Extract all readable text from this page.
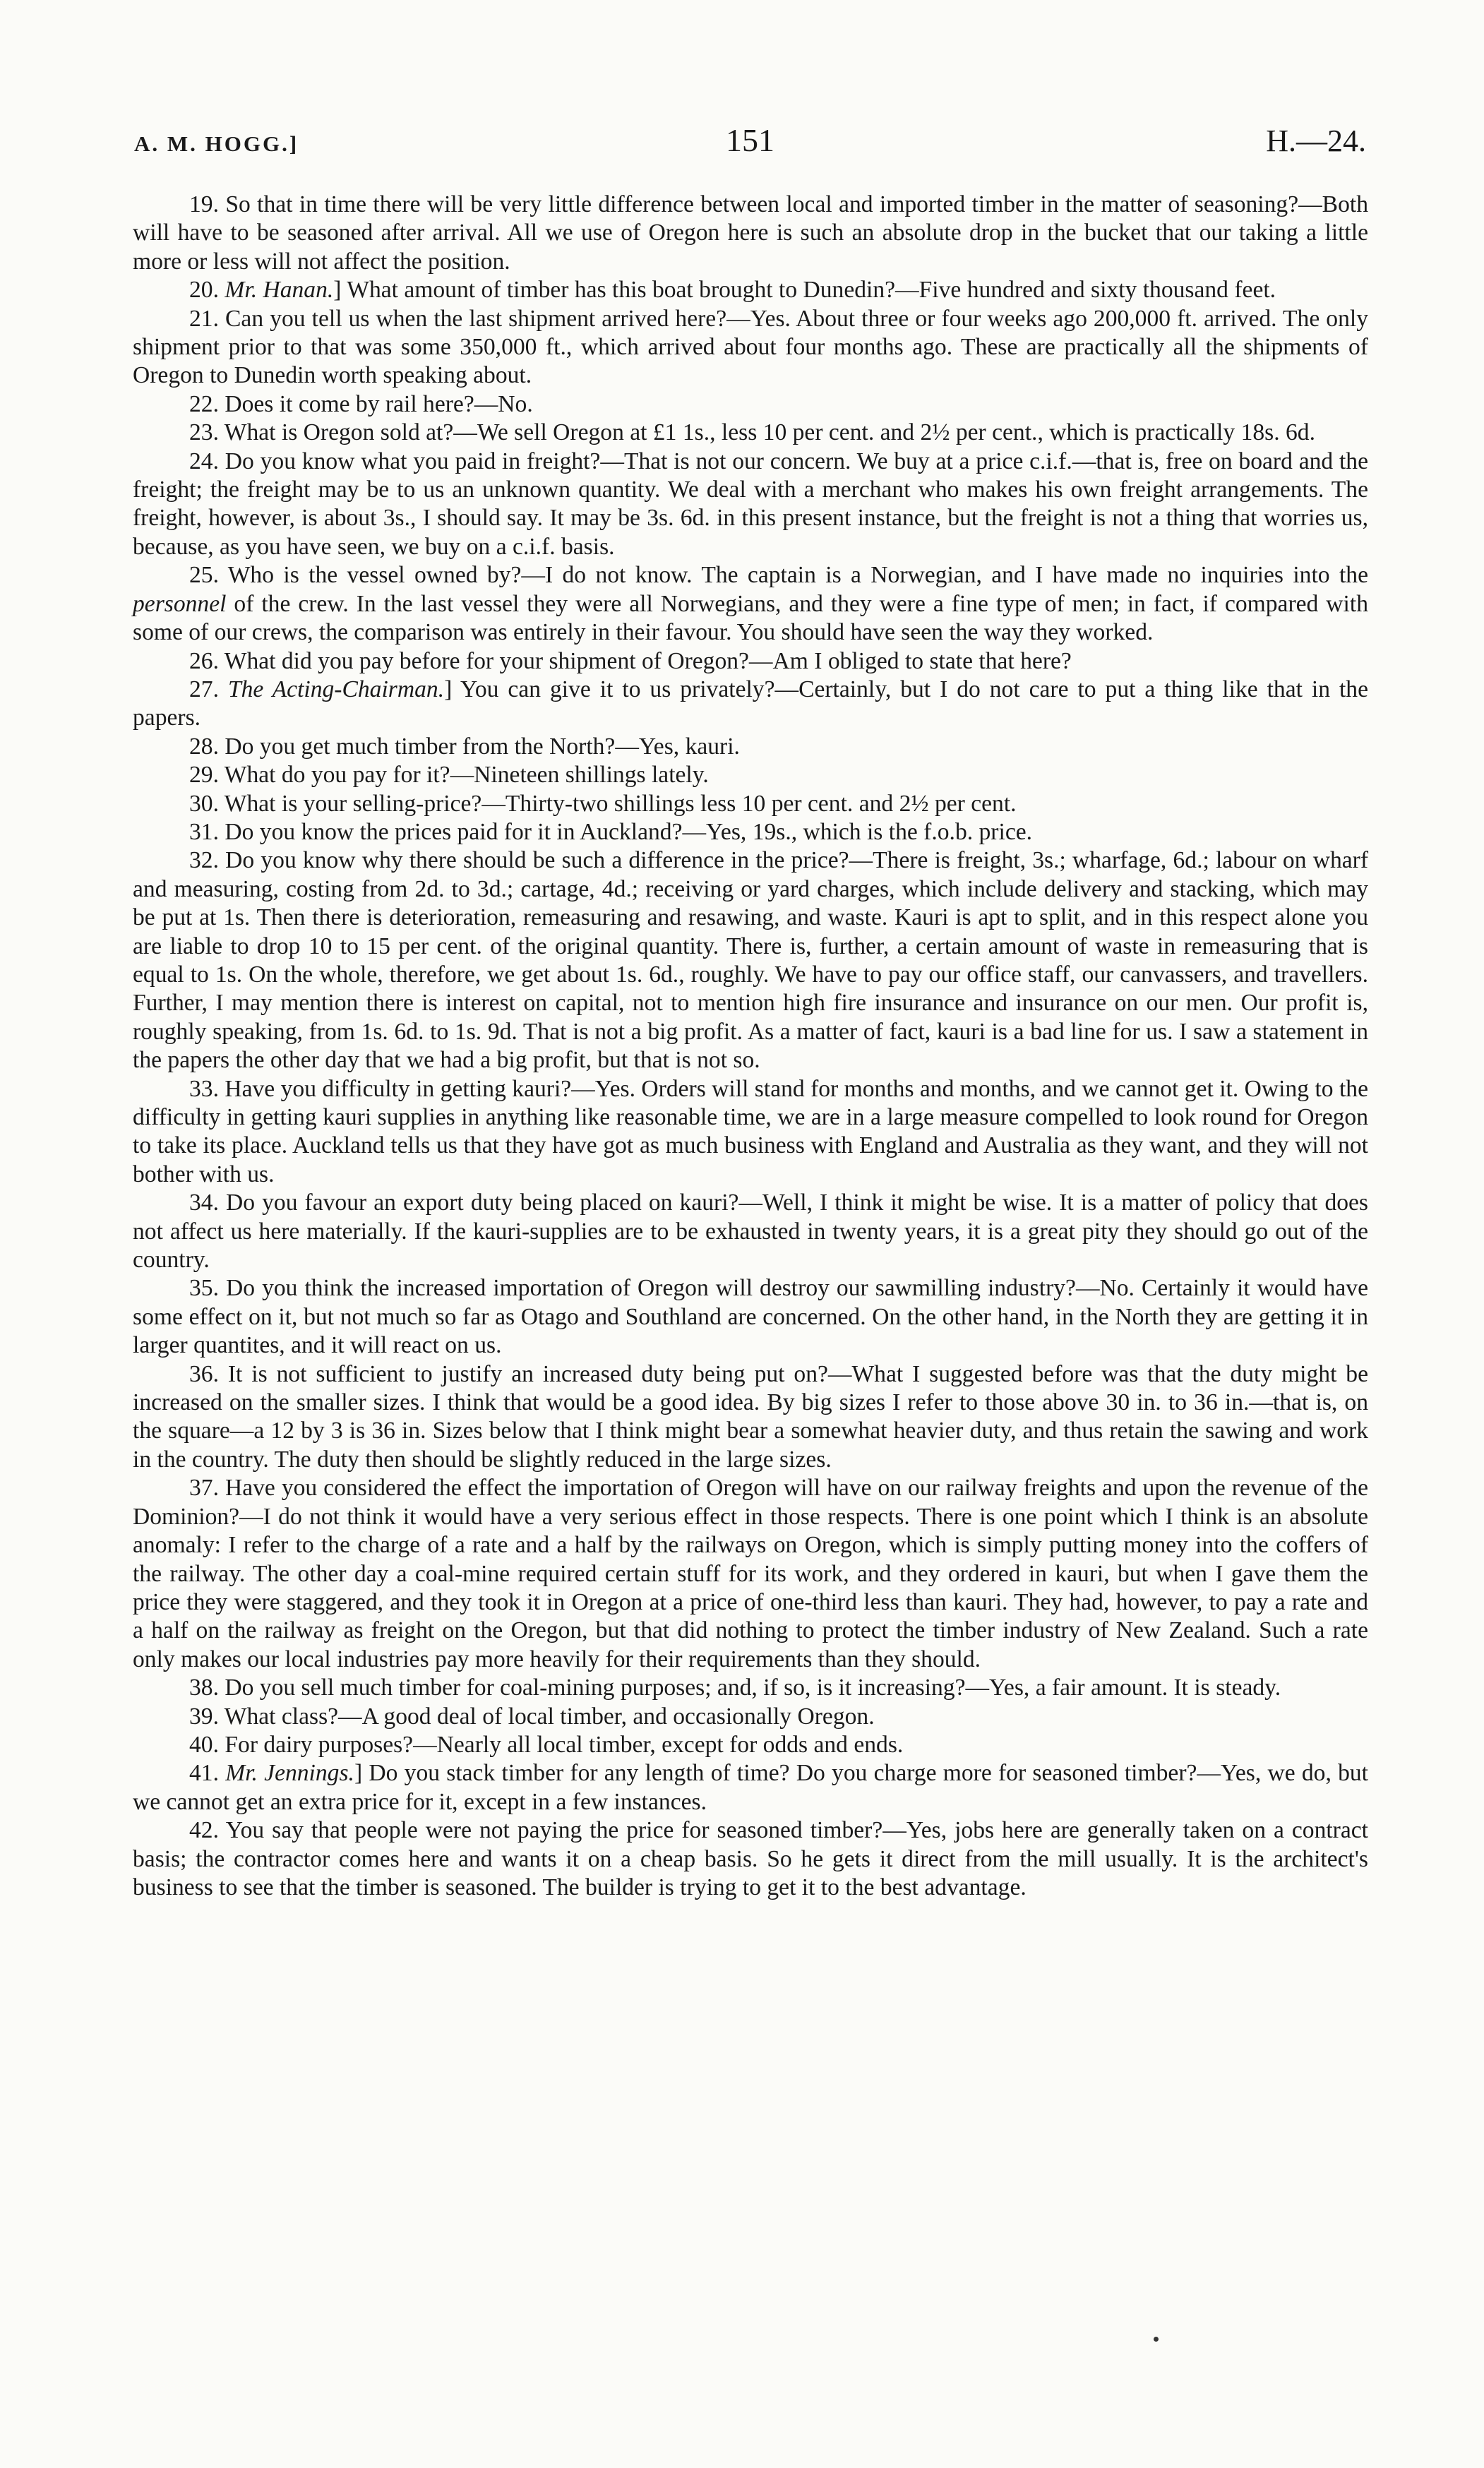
A. M. HOGG.]	151	H.—24.

19. So that in time there will be very little difference between local and imported timber in the matter of seasoning?—Both will have to be seasoned after arrival. All we use of Oregon here is such an absolute drop in the bucket that our taking a little more or less will not affect the position.

20. Mr. Hanan.] What amount of timber has this boat brought to Dunedin?—Five hundred and sixty thousand feet.

21. Can you tell us when the last shipment arrived here?—Yes. About three or four weeks ago 200,000 ft. arrived. The only shipment prior to that was some 350,000 ft., which arrived about four months ago. These are practically all the shipments of Oregon to Dunedin worth speaking about.

22. Does it come by rail here?—No.

23. What is Oregon sold at?—We sell Oregon at £1 1s., less 10 per cent. and 2½ per cent., which is practically 18s. 6d.

24. Do you know what you paid in freight?—That is not our concern. We buy at a price c.i.f.—that is, free on board and the freight; the freight may be to us an unknown quantity. We deal with a merchant who makes his own freight arrangements. The freight, however, is about 3s., I should say. It may be 3s. 6d. in this present instance, but the freight is not a thing that worries us, because, as you have seen, we buy on a c.i.f. basis.

25. Who is the vessel owned by?—I do not know. The captain is a Norwegian, and I have made no inquiries into the personnel of the crew. In the last vessel they were all Norwegians, and they were a fine type of men; in fact, if compared with some of our crews, the comparison was entirely in their favour. You should have seen the way they worked.

26. What did you pay before for your shipment of Oregon?—Am I obliged to state that here?

27. The Acting-Chairman.] You can give it to us privately?—Certainly, but I do not care to put a thing like that in the papers.

28. Do you get much timber from the North?—Yes, kauri.

29. What do you pay for it?—Nineteen shillings lately.

30. What is your selling-price?—Thirty-two shillings less 10 per cent. and 2½ per cent.

31. Do you know the prices paid for it in Auckland?—Yes, 19s., which is the f.o.b. price.

32. Do you know why there should be such a difference in the price?—There is freight, 3s.; wharfage, 6d.; labour on wharf and measuring, costing from 2d. to 3d.; cartage, 4d.; receiving or yard charges, which include delivery and stacking, which may be put at 1s. Then there is deterioration, remeasuring and resawing, and waste. Kauri is apt to split, and in this respect alone you are liable to drop 10 to 15 per cent. of the original quantity. There is, further, a certain amount of waste in remeasuring that is equal to 1s. On the whole, therefore, we get about 1s. 6d., roughly. We have to pay our office staff, our canvassers, and travellers. Further, I may mention there is interest on capital, not to mention high fire insurance and insurance on our men. Our profit is, roughly speaking, from 1s. 6d. to 1s. 9d. That is not a big profit. As a matter of fact, kauri is a bad line for us. I saw a statement in the papers the other day that we had a big profit, but that is not so.

33. Have you difficulty in getting kauri?—Yes. Orders will stand for months and months, and we cannot get it. Owing to the difficulty in getting kauri supplies in anything like reasonable time, we are in a large measure compelled to look round for Oregon to take its place. Auckland tells us that they have got as much business with England and Australia as they want, and they will not bother with us.

34. Do you favour an export duty being placed on kauri?—Well, I think it might be wise. It is a matter of policy that does not affect us here materially. If the kauri-supplies are to be exhausted in twenty years, it is a great pity they should go out of the country.

35. Do you think the increased importation of Oregon will destroy our sawmilling industry?—No. Certainly it would have some effect on it, but not much so far as Otago and Southland are concerned. On the other hand, in the North they are getting it in larger quantites, and it will react on us.

36. It is not sufficient to justify an increased duty being put on?—What I suggested before was that the duty might be increased on the smaller sizes. I think that would be a good idea. By big sizes I refer to those above 30 in. to 36 in.—that is, on the square—a 12 by 3 is 36 in. Sizes below that I think might bear a somewhat heavier duty, and thus retain the sawing and work in the country. The duty then should be slightly reduced in the large sizes.

37. Have you considered the effect the importation of Oregon will have on our railway freights and upon the revenue of the Dominion?—I do not think it would have a very serious effect in those respects. There is one point which I think is an absolute anomaly: I refer to the charge of a rate and a half by the railways on Oregon, which is simply putting money into the coffers of the railway. The other day a coal-mine required certain stuff for its work, and they ordered in kauri, but when I gave them the price they were staggered, and they took it in Oregon at a price of one-third less than kauri. They had, however, to pay a rate and a half on the railway as freight on the Oregon, but that did nothing to protect the timber industry of New Zealand. Such a rate only makes our local industries pay more heavily for their requirements than they should.

38. Do you sell much timber for coal-mining purposes; and, if so, is it increasing?—Yes, a fair amount. It is steady.

39. What class?—A good deal of local timber, and occasionally Oregon.

40. For dairy purposes?—Nearly all local timber, except for odds and ends.

41. Mr. Jennings.] Do you stack timber for any length of time? Do you charge more for seasoned timber?—Yes, we do, but we cannot get an extra price for it, except in a few instances.

42. You say that people were not paying the price for seasoned timber?—Yes, jobs here are generally taken on a contract basis; the contractor comes here and wants it on a cheap basis. So he gets it direct from the mill usually. It is the architect's business to see that the timber is seasoned. The builder is trying to get it to the best advantage.
